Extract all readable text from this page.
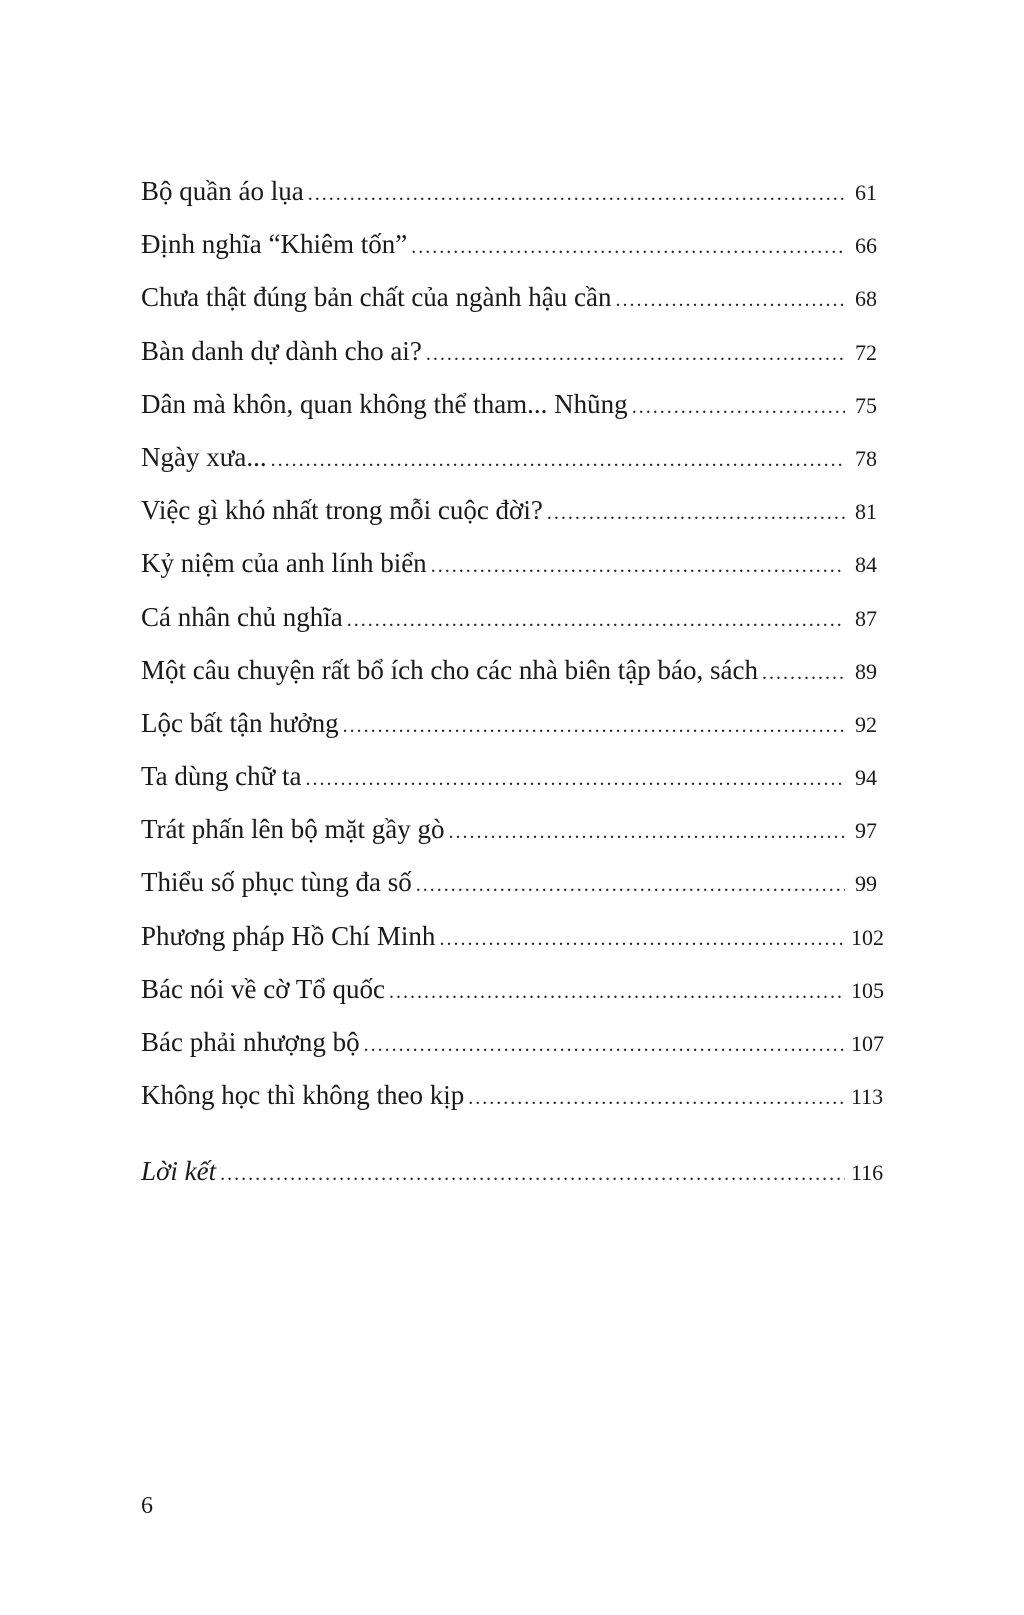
Bộ quần áo lụa .....	61
Định nghĩa “Khiêm tốn” .....	66
Chưa thật đúng bản chất của ngành hậu cần .....	68
Bàn danh dự dành cho ai? .....	72
Dân mà khôn, quan không thể tham... Nhũng .....	75
Ngày xưa... .....	78
Việc gì khó nhất trong mỗi cuộc đời? .....	81
Kỷ niệm của anh lính biển .....	84
Cá nhân chủ nghĩa .....	87
Một câu chuyện rất bổ ích cho các nhà biên tập báo, sách .....	89
Lộc bất tận hưởng .....	92
Ta dùng chữ ta .....	94
Trát phấn lên bộ mặt gầy gò .....	97
Thiểu số phục tùng đa số .....	99
Phương pháp Hồ Chí Minh .....	102
Bác nói về cờ Tổ quốc .....	105
Bác phải nhượng bộ .....	107
Không học thì không theo kịp .....	113
Lời kết .....	116
6
